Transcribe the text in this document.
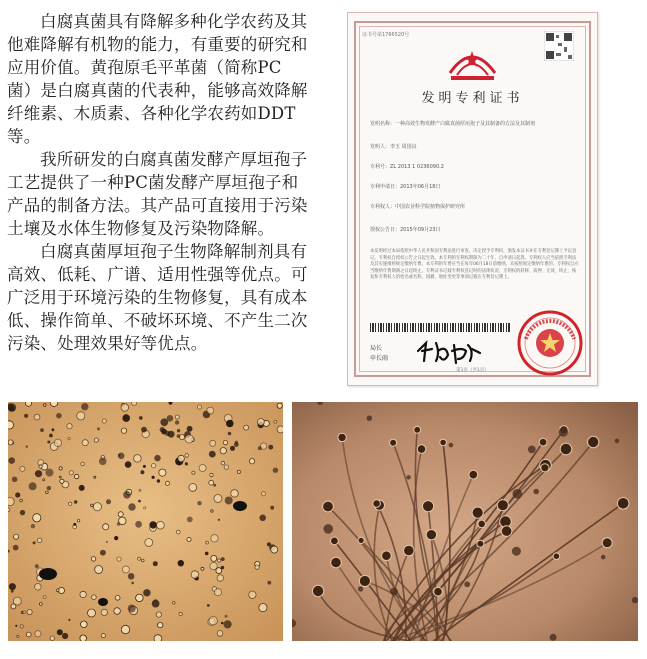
白腐真菌具有降解多种化学农药及其他难降解有机物的能力，有重要的研究和应用价值。黄孢原毛平革菌（简称PC 菌）是白腐真菌的代表种，能够高效降解纤维素、木质素、各种化学农药如DDT等。

我所研发的白腐真菌发酵产厚垣孢子工艺提供了一种PC菌发酵产厚垣孢子和产品的制备方法。其产品可直接用于污染土壤及水体生物修复及污染物降解。

白腐真菌厚垣孢子生物降解制剂具有高效、低耗、广谱、适用性强等优点。可广泛用于环境污染的生物修复，具有成本低、操作简单、不破坏环境、不产生二次污染、处理效果好等优点。

证书号第1766520号
发明专利证书
发明名称：一种高效生物发酵产白腐真菌厚垣孢子及其制备的方法及其制剂
发明人：李玉 周国良
专利号：ZL 2013 1 0236090.2
专利申请日：2013年06月18日
专利权人：中国农业科学院植物保护研究所
授权公告日：2015年09月23日
本发明经过本局依照中华人民共和国专利法进行审查，决定授予专利权，颁发本证书并在专利登记簿上予以登记。专利权自授权公告之日起生效。本专利的专利权期限为二十年，自申请日起算。专利权人应当依照专利法及其实施细则规定缴纳年费。本专利的年费应当在每年06月18日前缴纳。未按照规定缴纳年费的，专利权自应当缴纳年费期满之日起终止。专利证书记载专利权登记时的法律状况。专利权的转移、质押、无效、终止、恢复和专利权人的姓名或名称、国籍、地址变更等事项记载在专利登记簿上。
局长
申长雨
第1页（共1页）
